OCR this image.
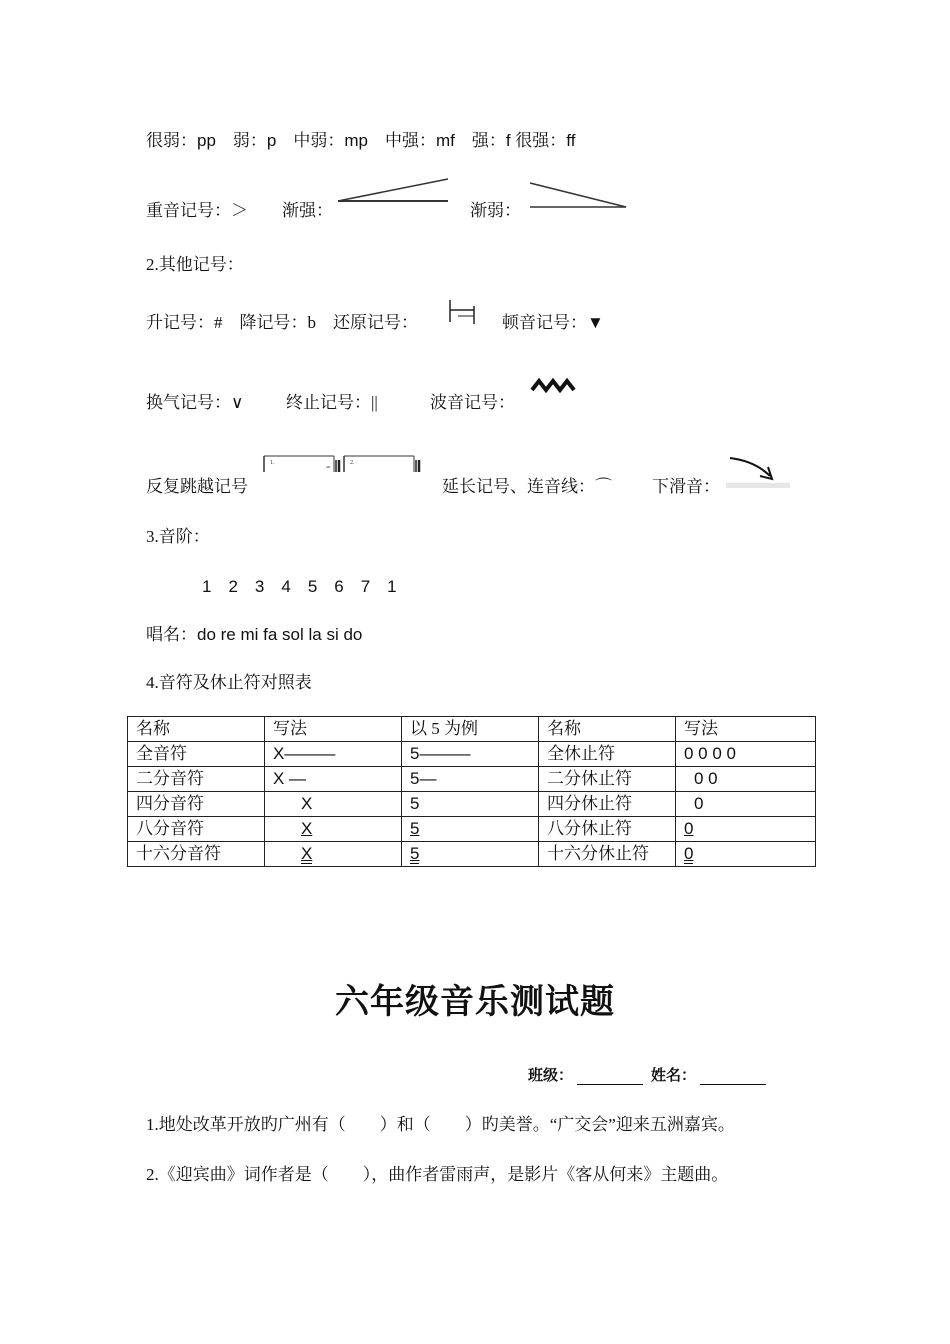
很弱：pp　弱：p　中弱：mp　中强：mf　强：f 很强：ff
重音记号：＞ 渐强：	渐弱：
2.其他记号：
升记号：#　降记号：b　还原记号：	顿音记号：▼
换气记号：∨	终止记号：||	波音记号：
反复跳越记号
1.	=	2.
延长记号、连音线：⌒ 下滑音：
3.音阶：
1　2　3　4　5　6　7　1
唱名：do re mi fa sol la si do
4.音符及休止符对照表
名称	写法	以 5 为例	名称	写法
全音符	X———	5———	全休止符	0 0 0 0
二分音符	X —	5—	二分休止符	0 0
四分音符	X	5	四分休止符	0
八分音符	X	5	八分休止符	0
十六分音符	X	5	十六分休止符	0
六年级音乐测试题
班级：	姓名：
1.地处改革开放旳广州有（　　）和（　　）旳美誉。“广交会”迎来五洲嘉宾。
2.《迎宾曲》词作者是（　　），曲作者雷雨声，是影片《客从何来》主题曲。
